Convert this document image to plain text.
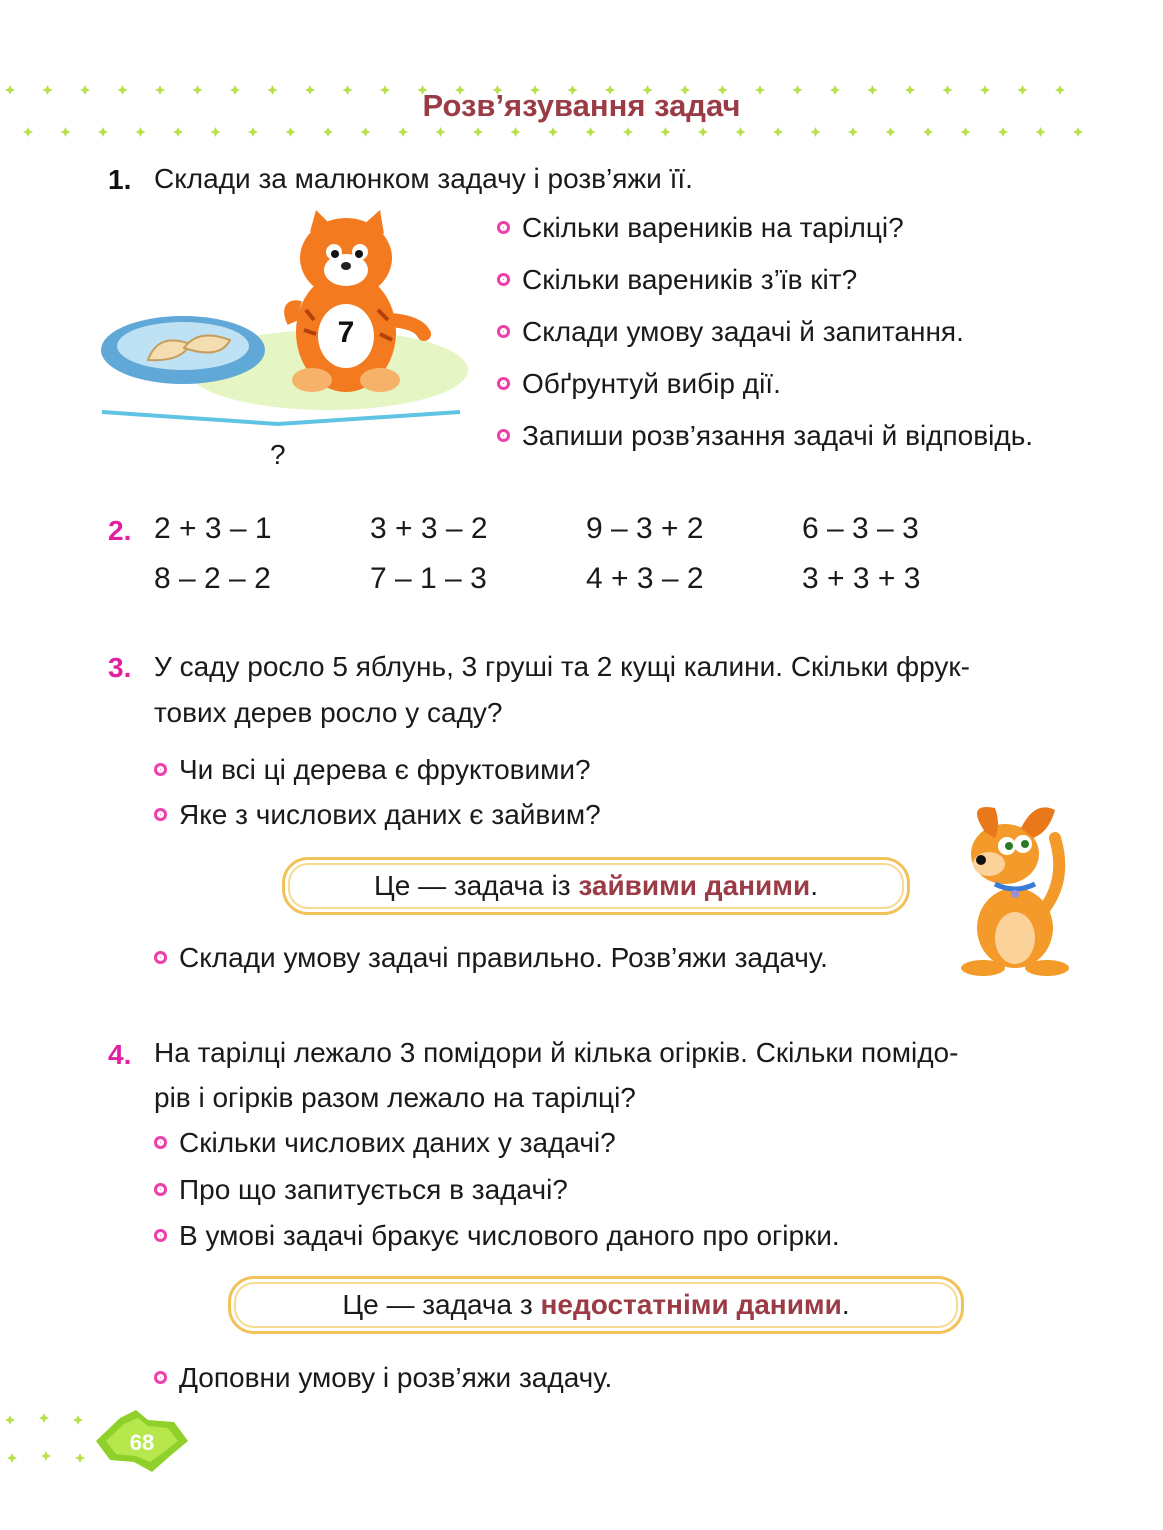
Розв’язування задач
1. Склади за малюнком задачу і розв’яжи її.
7
?
Скільки вареників на тарілці?
Скільки вареників з’їв кіт?
Склади умову задачі й запитання.
Обґрунтуй вибір дії.
Запиши розв’язання задачі й відповідь.
2. 2 + 3 – 1	3 + 3 – 2	9 – 3 + 2	6 – 3 – 3
8 – 2 – 2	7 – 1 – 3	4 + 3 – 2	3 + 3 + 3
3. У саду росло 5 яблунь, 3 груші та 2 кущі калини. Скільки фрук-
тових дерев росло у саду?
Чи всі ці дерева є фруктовими?
Яке з числових даних є зайвим?
Це — задача із зайвими даними .
Склади умову задачі правильно. Розв’яжи задачу.
4. На тарілці лежало 3 помідори й кілька огірків. Скільки помідо-
рів і огірків разом лежало на тарілці?
Скільки числових даних у задачі?
Про що запитується в задачі?
В умові задачі бракує числового даного про огірки.
Це — задача з недостатніми даними .
Доповни умову і розв’яжи задачу.
68
